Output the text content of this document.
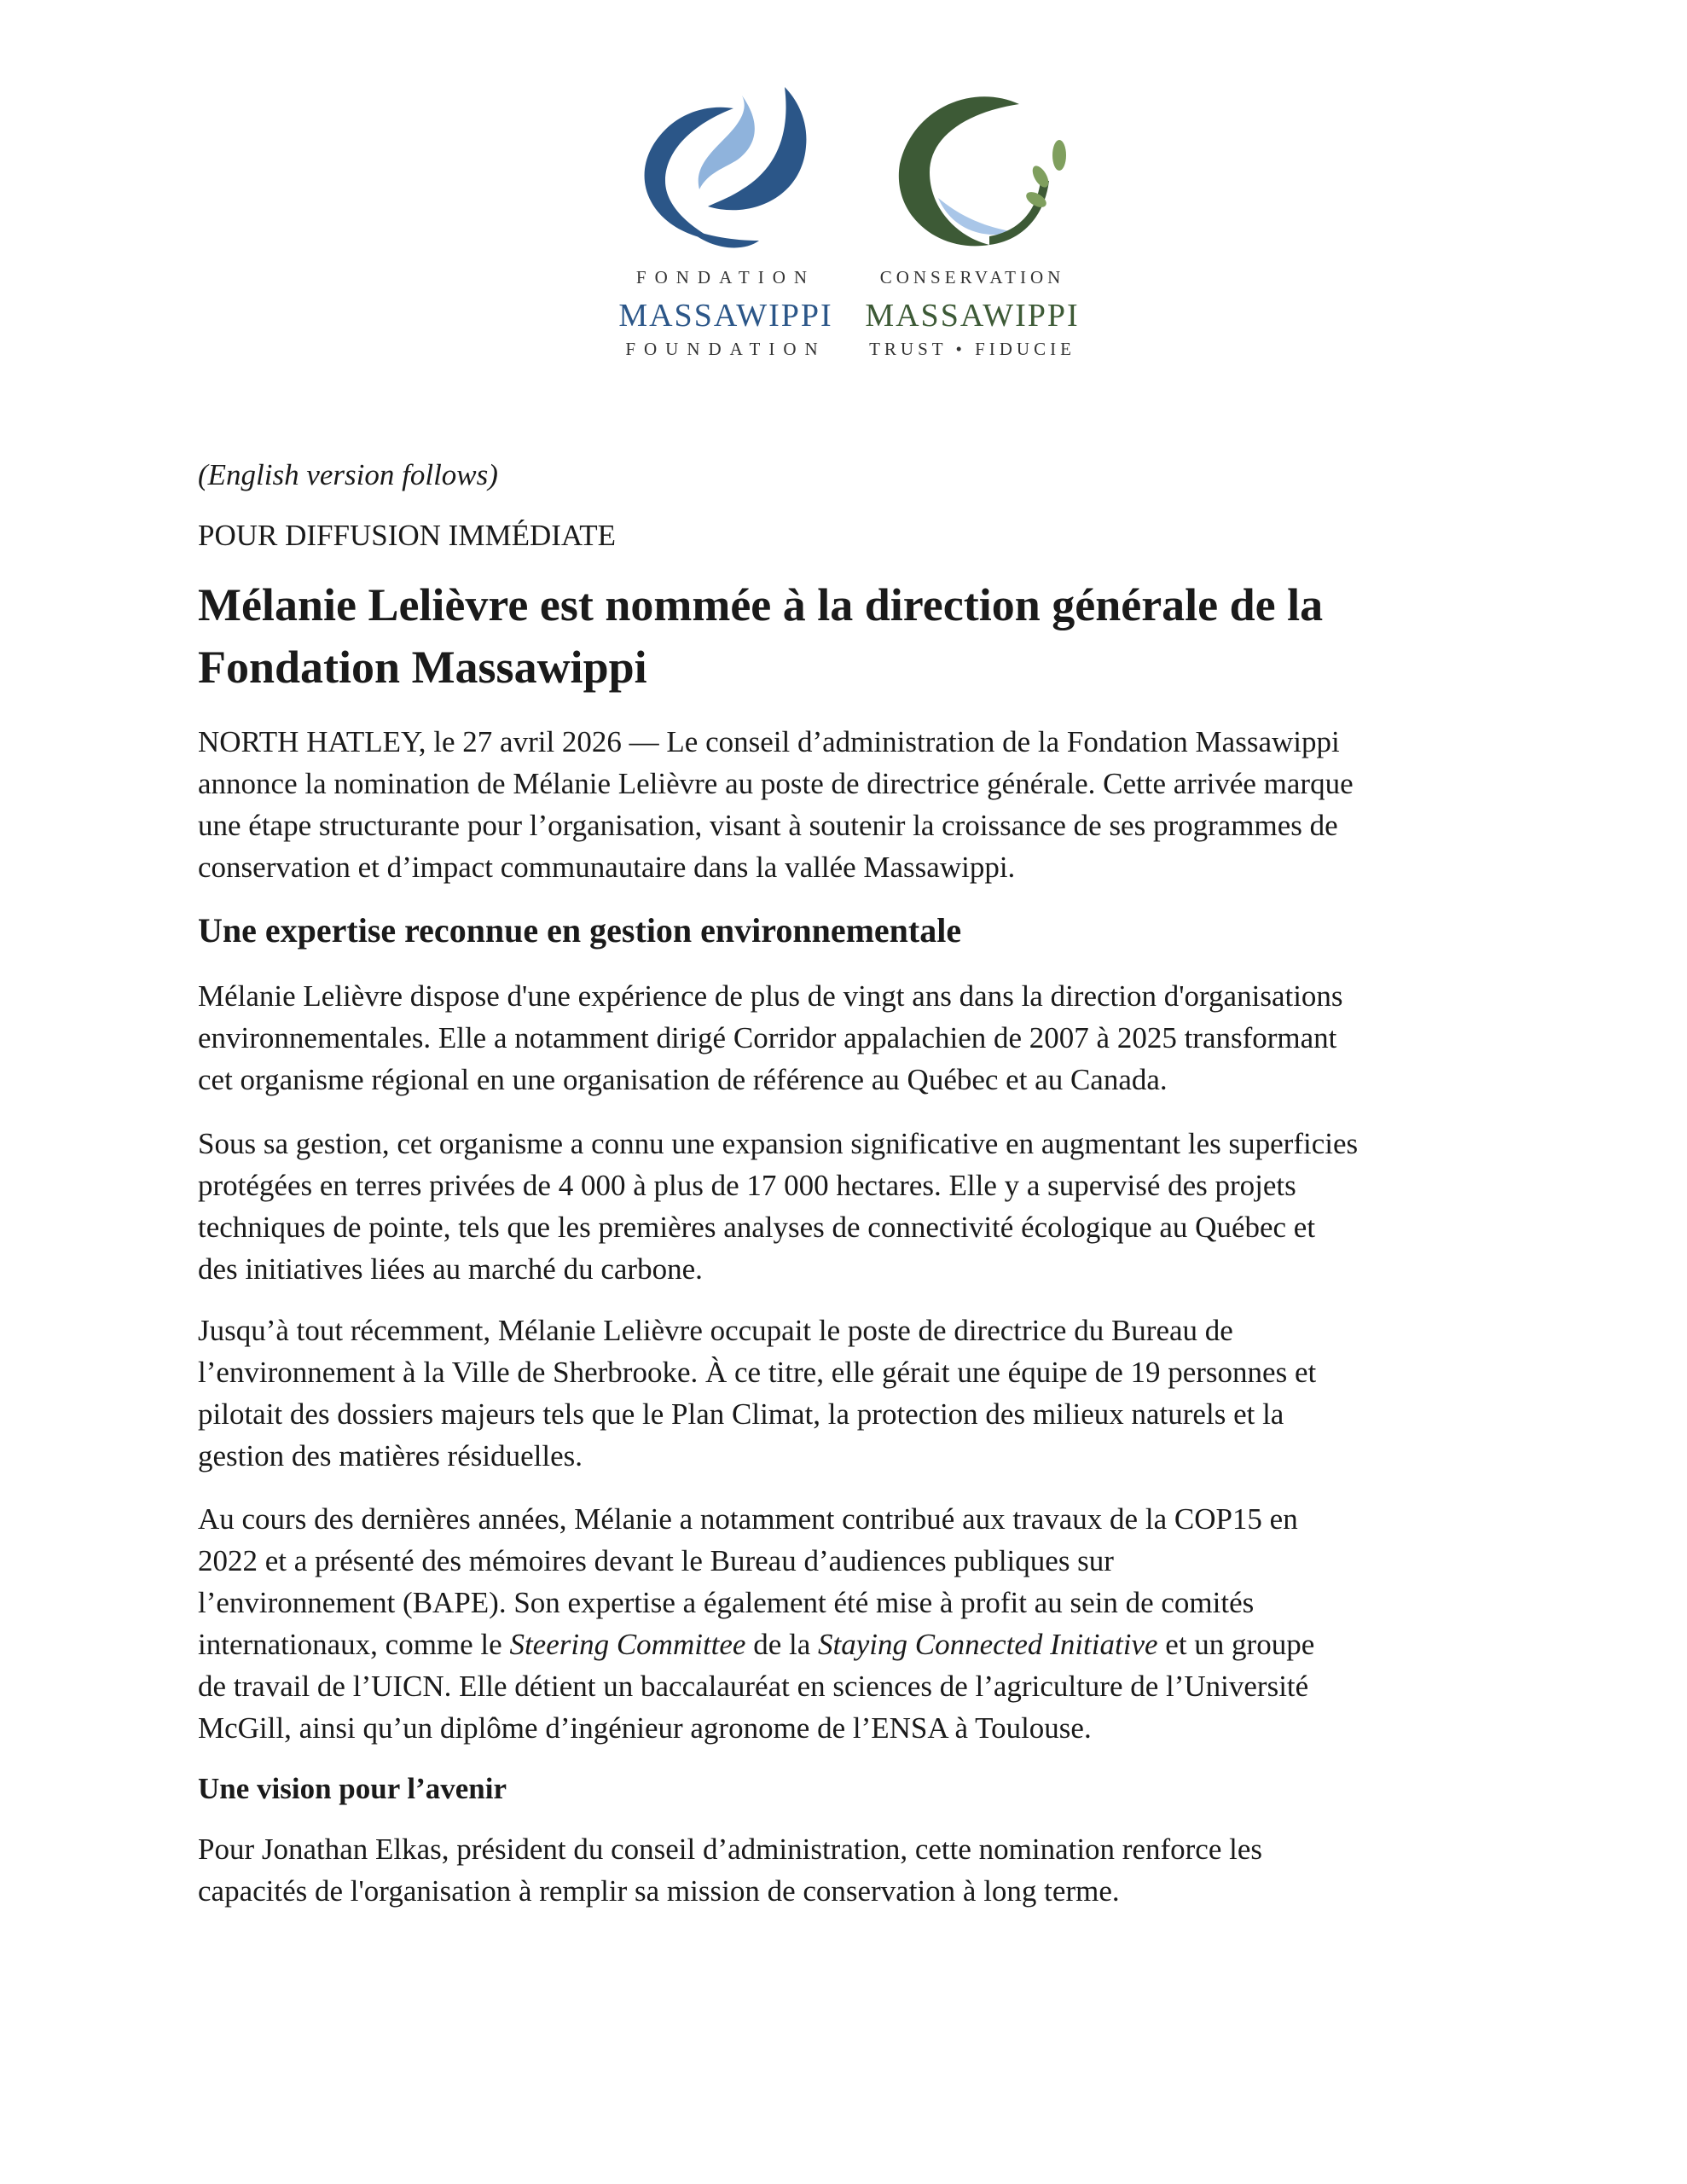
FONDATION
MASSAWIPPI
FOUNDATION
CONSERVATION
MASSAWIPPI
TRUST • FIDUCIE
(English version follows)
POUR DIFFUSION IMMÉDIATE
Mélanie Lelièvre est nommée à la direction générale de la
Fondation Massawippi
NORTH HATLEY, le 27 avril 2026 — Le conseil d’administration de la Fondation Massawippi
annonce la nomination de Mélanie Lelièvre au poste de directrice générale. Cette arrivée marque
une étape structurante pour l’organisation, visant à soutenir la croissance de ses programmes de
conservation et d’impact communautaire dans la vallée Massawippi.
Une expertise reconnue en gestion environnementale
Mélanie Lelièvre dispose d'une expérience de plus de vingt ans dans la direction d'organisations
environnementales. Elle a notamment dirigé Corridor appalachien de 2007 à 2025 transformant
cet organisme régional en une organisation de référence au Québec et au Canada.
Sous sa gestion, cet organisme a connu une expansion significative en augmentant les superficies
protégées en terres privées de 4 000 à plus de 17 000 hectares. Elle y a supervisé des projets
techniques de pointe, tels que les premières analyses de connectivité écologique au Québec et
des initiatives liées au marché du carbone.
Jusqu’à tout récemment, Mélanie Lelièvre occupait le poste de directrice du Bureau de
l’environnement à la Ville de Sherbrooke. À ce titre, elle gérait une équipe de 19 personnes et
pilotait des dossiers majeurs tels que le Plan Climat, la protection des milieux naturels et la
gestion des matières résiduelles.
Au cours des dernières années, Mélanie a notamment contribué aux travaux de la COP15 en
2022 et a présenté des mémoires devant le Bureau d’audiences publiques sur
l’environnement (BAPE). Son expertise a également été mise à profit au sein de comités
internationaux, comme le Steering Committee de la Staying Connected Initiative et un groupe
de travail de l’UICN. Elle détient un baccalauréat en sciences de l’agriculture de l’Université
McGill, ainsi qu’un diplôme d’ingénieur agronome de l’ENSA à Toulouse.
Une vision pour l’avenir
Pour Jonathan Elkas, président du conseil d’administration, cette nomination renforce les
capacités de l'organisation à remplir sa mission de conservation à long terme.
